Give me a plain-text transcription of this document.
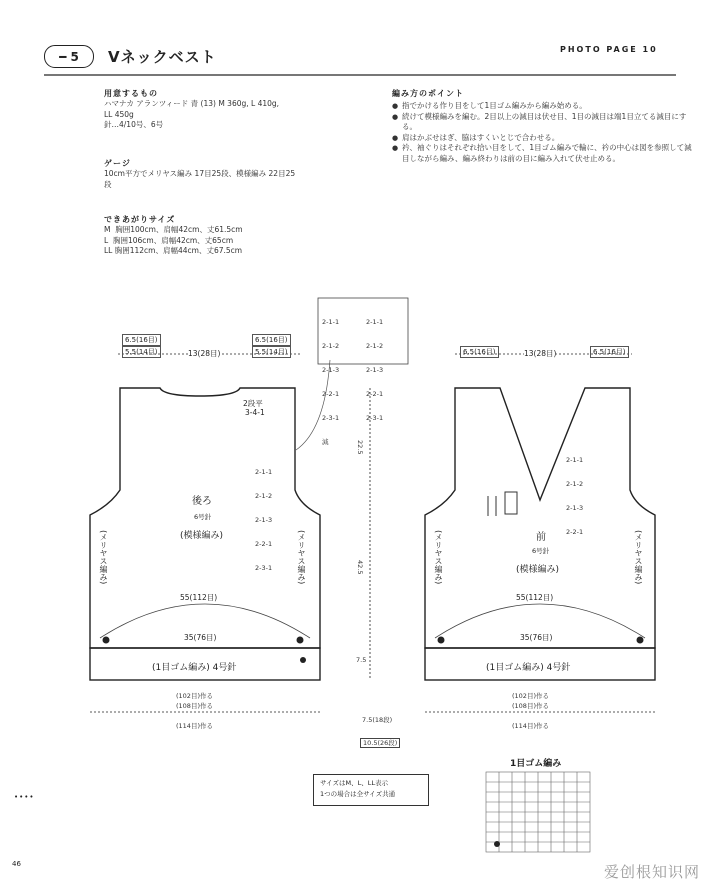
━ 5 Vネックベスト	PHOTO PAGE 10
用意するもの
ハマナカ アランツィード 青 (13) M 360g, L 410g,
LL 450g
針…4/10号、6号
ゲージ
10cm平方でメリヤス編み 17目25段、模様編み 22目25
段
できあがりサイズ
M  胸囲100cm、肩幅42cm、丈61.5cm
L  胸囲106cm、肩幅42cm、丈65cm
LL 胸囲112cm、肩幅44cm、丈67.5cm
編み方のポイント
● 指でかける作り目をして1目ゴム編みから編み始める。
● 続けて模様編みを編む。2目以上の減目は伏せ目、1目の減目は端1目立てる減目にする。
● 肩はかぶせはぎ、脇はすくいとじで合わせる。
● 衿、袖ぐりはそれぞれ拾い目をして、1目ゴム編みで輪に、衿の中心は図を参照して減目しながら編み、編み終わりは前の目に編み入れて伏せ止める。
後ろ
6号針
(模様編み)
(1目ゴム編み) 4号針
(メリヤス編み)	(メリヤス編み)
3-4-1
2段平
55(112目)
35(76目)
前
6号針
(模様編み)
(1目ゴム編み) 4号針
(メリヤス編み)	(メリヤス編み)
55(112目)
35(76目)
6.5(16目)
5.5(14目)	13(28目)
6.5(16目)
5.5(14目)	6.5(16目)	13(28目)	6.5(16目)
(102目)作る
(108目)作る
(114目)作る
(102目)作る
(108目)作る
(114目)作る
7.5(18段)
10.5(26段)
22.5
42.5
7.5

2-1-1

2-1-2

2-1-3

2-2-1

2-3-1

減

2-1-1

2-1-2

2-1-3

2-2-1

2-3-1

2-1-1

2-1-2

2-1-3

2-2-1

2-3-1

2-1-1

2-1-2

2-1-3

2-2-1

サイズはM、L、LL表示
1つの場合は全サイズ共通
1目ゴム編み
••••
46	爱创根知识网
